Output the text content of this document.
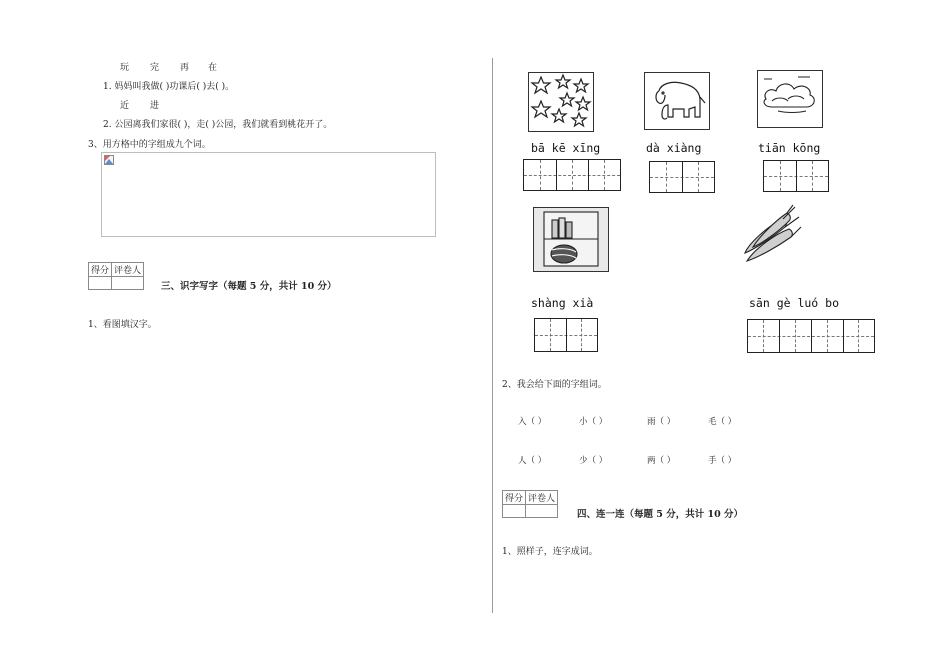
玩 完 再 在
1. 妈妈叫我做( )功课后( )去( )。
近 进
2. 公园离我们家很( )，走( )公园，我们就看到桃花开了。
3、用方格中的字组成九个词。
得分	评卷人

三、识字写字（每题 5 分，共计 10 分）
1、看图填汉字。
bā kē xīng	dà xiàng	tiān kōng
shàng xià	sān gè luó bo
2、我会给下面的字组词。
入（ ）	小（ ）	雨（ ）	毛（ ）
人（ ）	少（ ）	两（ ）	手（ ）
得分	评卷人

四、连一连（每题 5 分，共计 10 分）
1、照样子，连字成词。
